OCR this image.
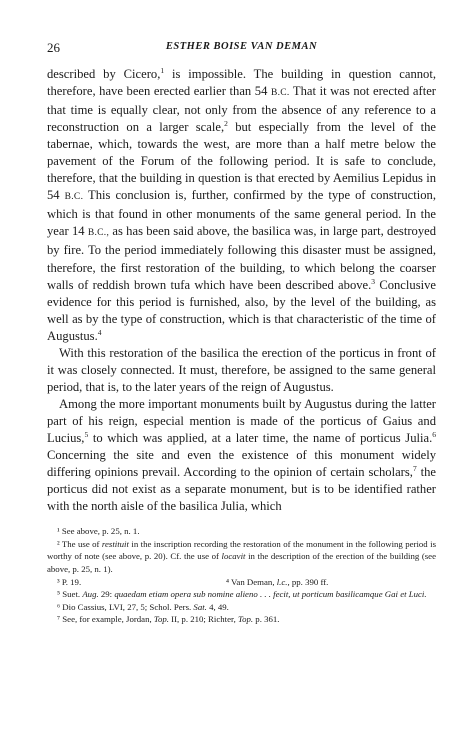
26	ESTHER BOISE VAN DEMAN

described by Cicero,$^1$ is impossible. The building in question cannot, therefore, have been erected earlier than 54 B.C. That it was not erected after that time is equally clear, not only from the absence of any reference to a reconstruction on a larger scale,$^2$ but especially from the level of the tabernae, which, towards the west, are more than a half metre below the pavement of the Forum of the following period. It is safe to conclude, therefore, that the building in question is that erected by Aemilius Lepidus in 54 B.C. This conclusion is, further, confirmed by the type of construction, which is that found in other monuments of the same general period. In the year 14 B.C., as has been said above, the basilica was, in large part, destroyed by fire. To the period immediately following this disaster must be assigned, therefore, the first restoration of the building, to which belong the coarser walls of reddish brown tufa which have been described above.$^3$ Conclusive evidence for this period is furnished, also, by the level of the building, as well as by the type of construction, which is that characteristic of the time of Augustus.$^4$

With this restoration of the basilica the erection of the porticus in front of it was closely connected. It must, therefore, be assigned to the same general period, that is, to the later years of the reign of Augustus.

Among the more important monuments built by Augustus during the latter part of his reign, especial mention is made of the porticus of Gaius and Lucius,$^5$ to which was applied, at a later time, the name of porticus Julia.$^6$ Concerning the site and even the existence of this monument widely differing opinions prevail. According to the opinion of certain scholars,$^7$ the porticus did not exist as a separate monument, but is to be identified rather with the north aisle of the basilica Julia, which

¹ See above, p. 25, n. 1.

² The use of restituit in the inscription recording the restoration of the monument in the following period is worthy of note (see above, p. 20). Cf. the use of locavit in the description of the erection of the building (see above, p. 25, n. 1).

³ P. 19.	⁴ Van Deman, l.c., pp. 390 ff.

⁵ Suet. Aug. 29: quaedam etiam opera sub nomine alieno . . . fecit, ut porticum basilicamque Gai et Luci.

⁶ Dio Cassius, LVI, 27, 5; Schol. Pers. Sat. 4, 49.

⁷ See, for example, Jordan, Top. II, p. 210; Richter, Top. p. 361.
